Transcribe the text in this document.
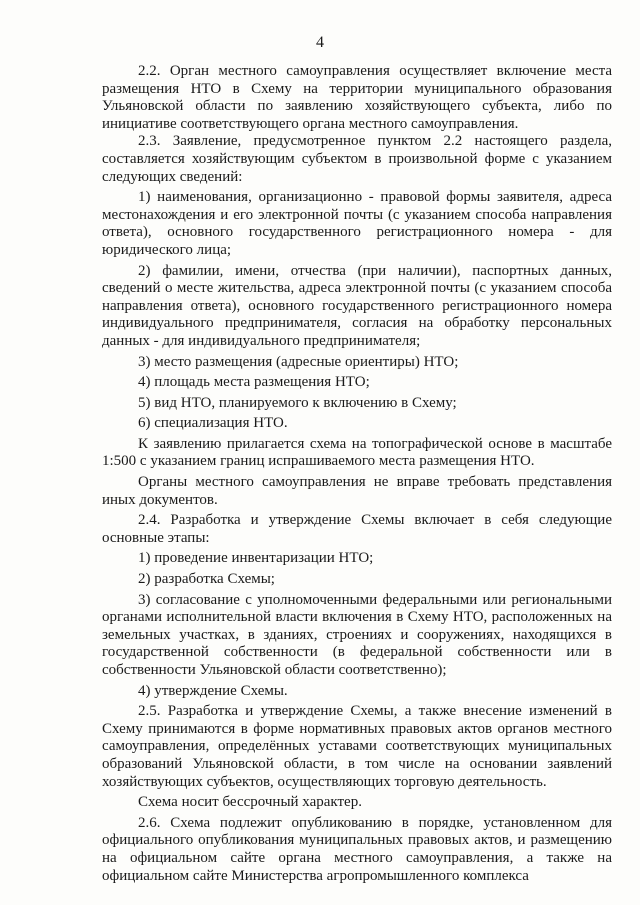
4

2.2. Орган местного самоуправления осуществляет включение места размещения НТО в Схему на территории муниципального образования Ульяновской области по заявлению хозяйствующего субъекта, либо по инициативе соответствующего органа местного самоуправления.

2.3. Заявление, предусмотренное пунктом 2.2 настоящего раздела, составляется хозяйствующим субъектом в произвольной форме с указанием следующих сведений:

1) наименования, организационно - правовой формы заявителя, адреса местонахождения и его электронной почты (с указанием способа направления ответа), основного государственного регистрационного номера - для юридического лица;

2) фамилии, имени, отчества (при наличии), паспортных данных, сведений о месте жительства, адреса электронной почты (с указанием способа направления ответа), основного государственного регистрационного номера индивидуального предпринимателя, согласия на обработку персональных данных - для индивидуального предпринимателя;

3) место размещения (адресные ориентиры) НТО;

4) площадь места размещения НТО;

5) вид НТО, планируемого к включению в Схему;

6) специализация НТО.

К заявлению прилагается схема на топографической основе в масштабе 1:500 с указанием границ испрашиваемого места размещения НТО.

Органы местного самоуправления не вправе требовать представления иных документов.

2.4. Разработка и утверждение Схемы включает в себя следующие основные этапы:

1) проведение инвентаризации НТО;

2) разработка Схемы;

3) согласование с уполномоченными федеральными или региональными органами исполнительной власти включения в Схему НТО, расположенных на земельных участках, в зданиях, строениях и сооружениях, находящихся в государственной собственности (в федеральной собственности или в собственности Ульяновской области соответственно);

4) утверждение Схемы.

2.5. Разработка и утверждение Схемы, а также внесение изменений в Схему принимаются в форме нормативных правовых актов органов местного самоуправления, определённых уставами соответствующих муниципальных образований Ульяновской области, в том числе на основании заявлений хозяйствующих субъектов, осуществляющих торговую деятельность.

Схема носит бессрочный характер.

2.6. Схема подлежит опубликованию в порядке, установленном для официального опубликования муниципальных правовых актов, и размещению на официальном сайте органа местного самоуправления, а также на официальном сайте Министерства агропромышленного комплекса
